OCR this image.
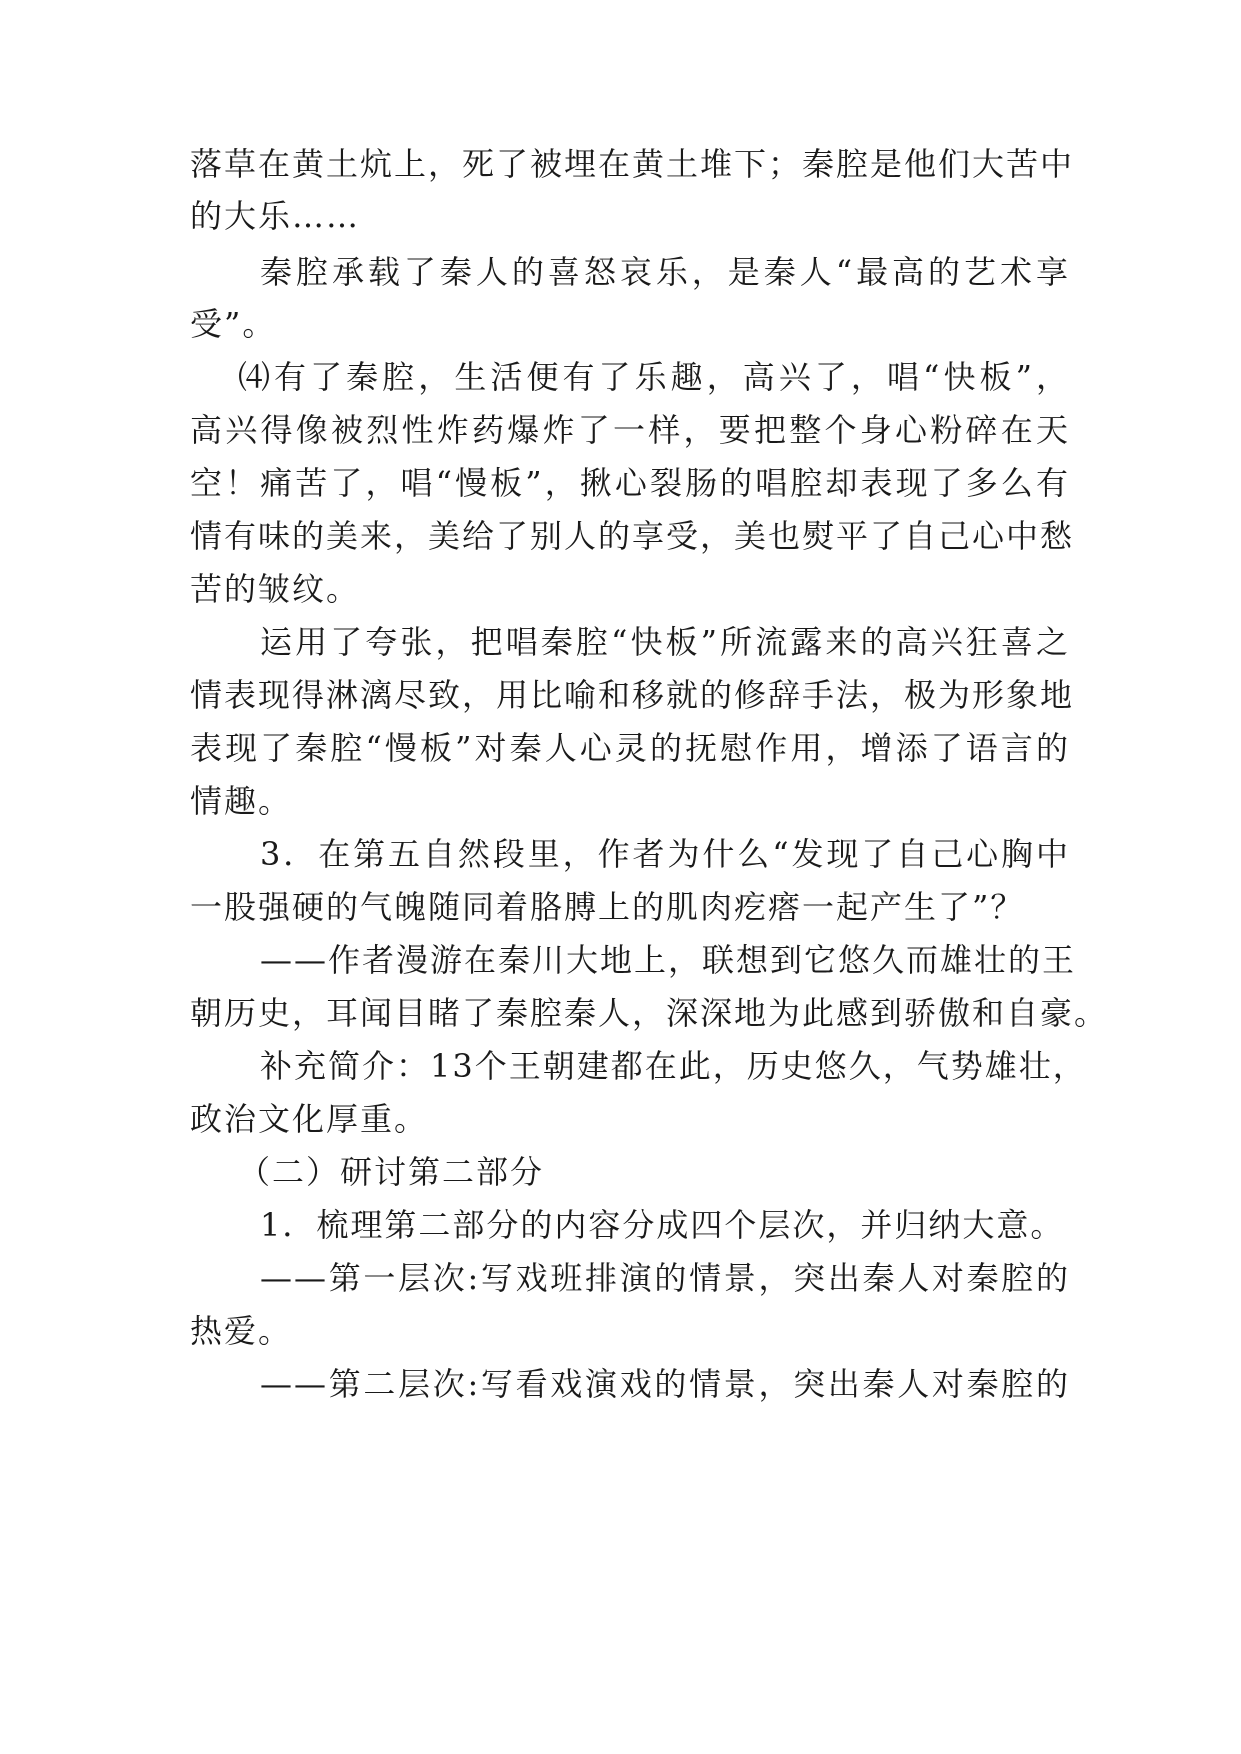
落草在黄土炕上，死了被埋在黄土堆下；秦腔是他们大苦中
的大乐……
秦腔承载了秦人的喜怒哀乐，是秦人“最高的艺术享
受”。
⑷有了秦腔，生活便有了乐趣，高兴了，唱“快板”，
高兴得像被烈性炸药爆炸了一样，要把整个身心粉碎在天
空！痛苦了，唱“慢板”，揪心裂肠的唱腔却表现了多么有
情有味的美来，美给了别人的享受，美也熨平了自己心中愁
苦的皱纹。
运用了夸张，把唱秦腔“快板”所流露来的高兴狂喜之
情表现得淋漓尽致，用比喻和移就的修辞手法，极为形象地
表现了秦腔“慢板”对秦人心灵的抚慰作用，增添了语言的
情趣。
3．在第五自然段里，作者为什么“发现了自己心胸中
一股强硬的气魄随同着胳膊上的肌肉疙瘩一起产生了”？
——作者漫游在秦川大地上，联想到它悠久而雄壮的王
朝历史，耳闻目睹了秦腔秦人，深深地为此感到骄傲和自豪。
补充简介：13个王朝建都在此，历史悠久，气势雄壮，
政治文化厚重。
（二）研讨第二部分
1．梳理第二部分的内容分成四个层次，并归纳大意。
——第一层次:写戏班排演的情景，突出秦人对秦腔的
热爱。
——第二层次:写看戏演戏的情景，突出秦人对秦腔的
